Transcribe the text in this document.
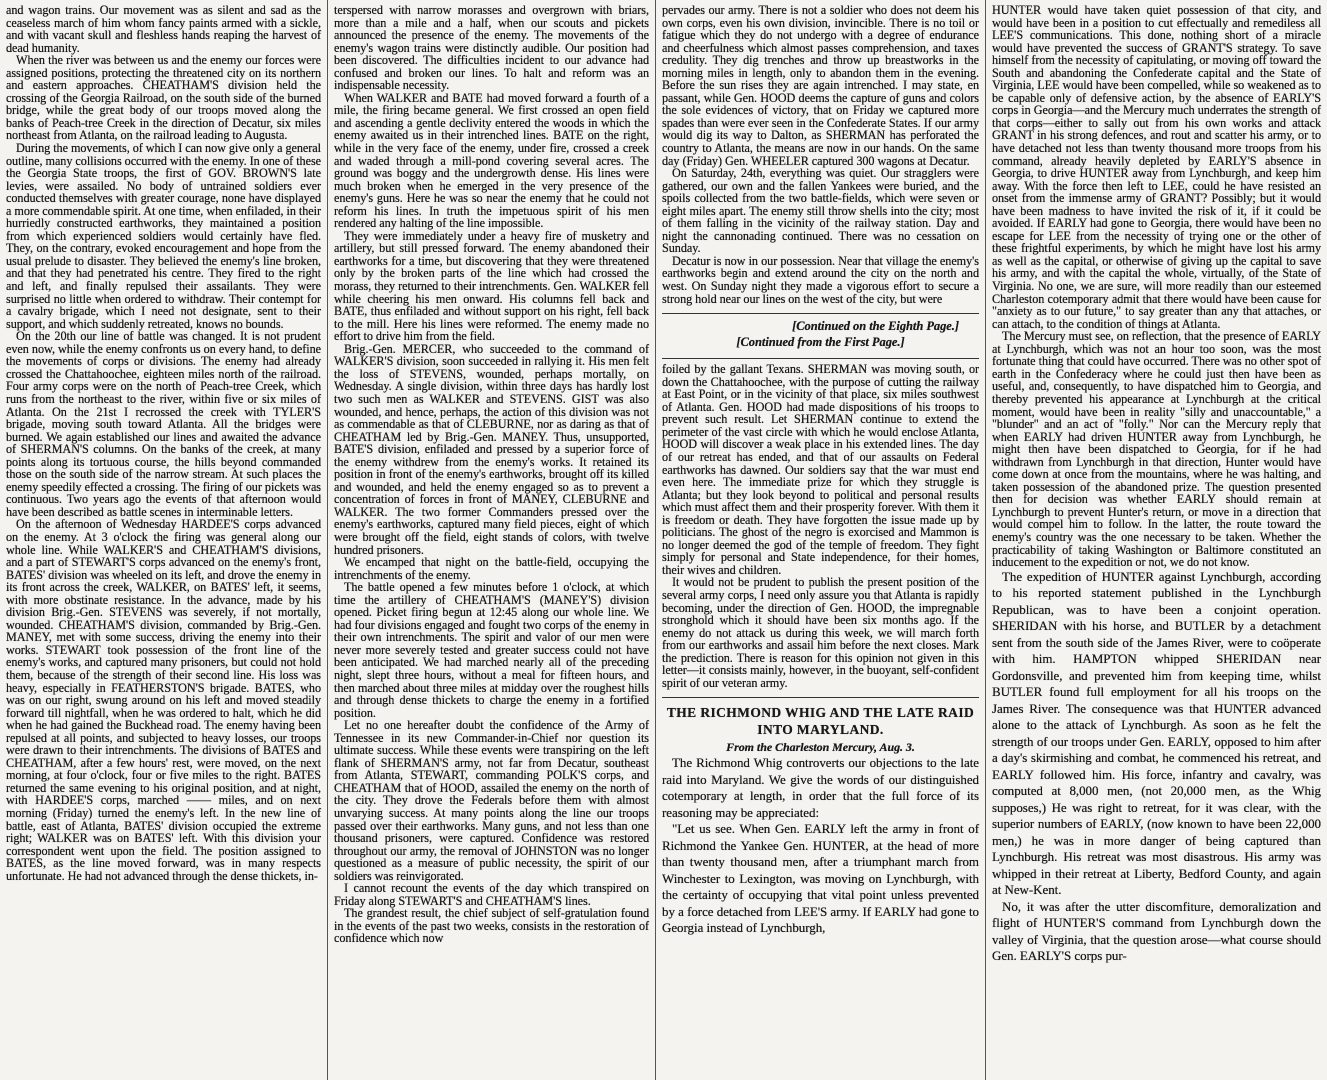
and wagon trains. Our movement was as silent and sad as the ceaseless march of him whom fancy paints armed with a sickle, and with vacant skull and fleshless hands reaping the harvest of dead humanity.

When the river was between us and the enemy our forces were assigned positions, protecting the threatened city on its northern and eastern approaches. CHEATHAM'S division held the crossing of the Georgia Railroad, on the south side of the burned bridge, while the great body of our troops moved along the banks of Peach-tree Creek in the direction of Decatur, six miles northeast from Atlanta, on the railroad leading to Augusta.

During the movements, of which I can now give only a general outline, many collisions occurred with the enemy. In one of these the Georgia State troops, the first of GOV. BROWN'S late levies, were assailed. No body of untrained soldiers ever conducted themselves with greater courage, none have displayed a more commendable spirit. At one time, when enfiladed, in their hurriedly constructed earthworks, they maintained a position from which experienced soldiers would certainly have fled. They, on the contrary, evoked encouragement and hope from the usual prelude to disaster. They believed the enemy's line broken, and that they had penetrated his centre. They fired to the right and left, and finally repulsed their assailants. They were surprised no little when ordered to withdraw. Their contempt for a cavalry brigade, which I need not designate, sent to their support, and which suddenly retreated, knows no bounds.

On the 20th our line of battle was changed. It is not prudent even now, while the enemy confronts us on every hand, to define the movements of corps or divisions. The enemy had already crossed the Chattahoochee, eighteen miles north of the railroad. Four army corps were on the north of Peach-tree Creek, which runs from the northeast to the river, within five or six miles of Atlanta. On the 21st I recrossed the creek with TYLER'S brigade, moving south toward Atlanta. All the bridges were burned. We again established our lines and awaited the advance of SHERMAN'S columns. On the banks of the creek, at many points along its tortuous course, the hills beyond commanded those on the south side of the narrow stream. At such places the enemy speedily effected a crossing. The firing of our pickets was continuous. Two years ago the events of that afternoon would have been described as battle scenes in interminable letters.

On the afternoon of Wednesday HARDEE'S corps advanced on the enemy. At 3 o'clock the firing was general along our whole line. While WALKER'S and CHEATHAM'S divisions, and a part of STEWART'S corps advanced on the enemy's front, BATES' division was wheeled on its left, and drove the enemy in its front across the creek, WALKER, on BATES' left, it seems, with more obstinate resistance. In the advance, made by his division Brig.-Gen. STEVENS was severely, if not mortally, wounded. CHEATHAM'S division, commanded by Brig.-Gen. MANEY, met with some success, driving the enemy into their works. STEWART took possession of the front line of the enemy's works, and captured many prisoners, but could not hold them, because of the strength of their second line. His loss was heavy, especially in FEATHERSTON'S brigade. BATES, who was on our right, swung around on his left and moved steadily forward till nightfall, when he was ordered to halt, which he did when he had gained the Buckhead road. The enemy having been repulsed at all points, and subjected to heavy losses, our troops were drawn to their intrenchments. The divisions of BATES and CHEATHAM, after a few hours' rest, were moved, on the next morning, at four o'clock, four or five miles to the right. BATES returned the same evening to his original position, and at night, with HARDEE'S corps, marched —— miles, and on next morning (Friday) turned the enemy's left. In the new line of battle, east of Atlanta, BATES' division occupied the extreme right; WALKER was on BATES' left. With this division your correspondent went upon the field. The position assigned to BATES, as the line moved forward, was in many respects unfortunate. He had not advanced through the dense thickets, in-

terspersed with narrow morasses and overgrown with briars, more than a mile and a half, when our scouts and pickets announced the presence of the enemy. The movements of the enemy's wagon trains were distinctly audible. Our position had been discovered. The difficulties incident to our advance had confused and broken our lines. To halt and reform was an indispensable necessity.

When WALKER and BATE had moved forward a fourth of a mile, the firing became general. We first crossed an open field and ascending a gentle declivity entered the woods in which the enemy awaited us in their intrenched lines. BATE on the right, while in the very face of the enemy, under fire, crossed a creek and waded through a mill-pond covering several acres. The ground was boggy and the undergrowth dense. His lines were much broken when he emerged in the very presence of the enemy's guns. Here he was so near the enemy that he could not reform his lines. In truth the impetuous spirit of his men rendered any halting of the line impossible.

They were immediately under a heavy fire of musketry and artillery, but still pressed forward. The enemy abandoned their earthworks for a time, but discovering that they were threatened only by the broken parts of the line which had crossed the morass, they returned to their intrenchments. Gen. WALKER fell while cheering his men onward. His columns fell back and BATE, thus enfiladed and without support on his right, fell back to the mill. Here his lines were reformed. The enemy made no effort to drive him from the field.

Brig.-Gen. MERCER, who succeeded to the command of WALKER'S division, soon succeeded in rallying it. His men felt the loss of STEVENS, wounded, perhaps mortally, on Wednesday. A single division, within three days has hardly lost two such men as WALKER and STEVENS. GIST was also wounded, and hence, perhaps, the action of this division was not as commendable as that of CLEBURNE, nor as daring as that of CHEATHAM led by Brig.-Gen. MANEY. Thus, unsupported, BATE'S division, enfiladed and pressed by a superior force of the enemy withdrew from the enemy's works. It retained its position in front of the enemy's earthworks, brought off its killed and wounded, and held the enemy engaged so as to prevent a concentration of forces in front of MANEY, CLEBURNE and WALKER. The two former Commanders pressed over the enemy's earthworks, captured many field pieces, eight of which were brought off the field, eight stands of colors, with twelve hundred prisoners.

We encamped that night on the battle-field, occupying the intrenchments of the enemy.

The battle opened a few minutes before 1 o'clock, at which time the artillery of CHEATHAM'S (MANEY'S) division opened. Picket firing begun at 12:45 along our whole line. We had four divisions engaged and fought two corps of the enemy in their own intrenchments. The spirit and valor of our men were never more severely tested and greater success could not have been anticipated. We had marched nearly all of the preceding night, slept three hours, without a meal for fifteen hours, and then marched about three miles at midday over the roughest hills and through dense thickets to charge the enemy in a fortified position.

Let no one hereafter doubt the confidence of the Army of Tennessee in its new Commander-in-Chief nor question its ultimate success. While these events were transpiring on the left flank of SHERMAN'S army, not far from Decatur, southeast from Atlanta, STEWART, commanding POLK'S corps, and CHEATHAM that of HOOD, assailed the enemy on the north of the city. They drove the Federals before them with almost unvarying success. At many points along the line our troops passed over their earthworks. Many guns, and not less than one thousand prisoners, were captured. Confidence was restored throughout our army, the removal of JOHNSTON was no longer questioned as a measure of public necessity, the spirit of our soldiers was reinvigorated.

I cannot recount the events of the day which transpired on Friday along STEWART'S and CHEATHAM'S lines.

The grandest result, the chief subject of self-gratulation found in the events of the past two weeks, consists in the restoration of confidence which now

pervades our army. There is not a soldier who does not deem his own corps, even his own division, invincible. There is no toil or fatigue which they do not undergo with a degree of endurance and cheerfulness which almost passes comprehension, and taxes credulity. They dig trenches and throw up breastworks in the morning miles in length, only to abandon them in the evening. Before the sun rises they are again intrenched. I may state, en passant, while Gen. HOOD deems the capture of guns and colors the sole evidences of victory, that on Friday we captured more spades than were ever seen in the Confederate States. If our army would dig its way to Dalton, as SHERMAN has perforated the country to Atlanta, the means are now in our hands. On the same day (Friday) Gen. WHEELER captured 300 wagons at Decatur.

On Saturday, 24th, everything was quiet. Our stragglers were gathered, our own and the fallen Yankees were buried, and the spoils collected from the two battle-fields, which were seven or eight miles apart. The enemy still throw shells into the city; most of them falling in the vicinity of the railway station. Day and night the cannonading continued. There was no cessation on Sunday.

Decatur is now in our possession. Near that village the enemy's earthworks begin and extend around the city on the north and west. On Sunday night they made a vigorous effort to secure a strong hold near our lines on the west of the city, but were

[Continued on the Eighth Page.]

[Continued from the First Page.]

foiled by the gallant Texans. SHERMAN was moving south, or down the Chattahoochee, with the purpose of cutting the railway at East Point, or in the vicinity of that place, six miles southwest of Atlanta. Gen. HOOD had made dispositions of his troops to prevent such result. Let SHERMAN continue to extend the perimeter of the vast circle with which he would enclose Atlanta, HOOD will discover a weak place in his extended lines. The day of our retreat has ended, and that of our assaults on Federal earthworks has dawned. Our soldiers say that the war must end even here. The immediate prize for which they struggle is Atlanta; but they look beyond to political and personal results which must affect them and their prosperity forever. With them it is freedom or death. They have forgotten the issue made up by politicians. The ghost of the negro is exorcised and Mammon is no longer deemed the god of the temple of freedom. They fight simply for personal and State independence, for their homes, their wives and children.

It would not be prudent to publish the present position of the several army corps, I need only assure you that Atlanta is rapidly becoming, under the direction of Gen. HOOD, the impregnable stronghold which it should have been six months ago. If the enemy do not attack us during this week, we will march forth from our earthworks and assail him before the next closes. Mark the prediction. There is reason for this opinion not given in this letter—it consists mainly, however, in the buoyant, self-confident spirit of our veteran army.

THE RICHMOND WHIG AND THE LATE RAID INTO MARYLAND.

From the Charleston Mercury, Aug. 3.

The Richmond Whig controverts our objections to the late raid into Maryland. We give the words of our distinguished cotemporary at length, in order that the full force of its reasoning may be appreciated:

"Let us see. When Gen. EARLY left the army in front of Richmond the Yankee Gen. HUNTER, at the head of more than twenty thousand men, after a triumphant march from Winchester to Lexington, was moving on Lynchburgh, with the certainty of occupying that vital point unless prevented by a force detached from LEE'S army. If EARLY had gone to Georgia instead of Lynchburgh,

HUNTER would have taken quiet possession of that city, and would have been in a position to cut effectually and remediless all LEE'S communications. This done, nothing short of a miracle would have prevented the success of GRANT'S strategy. To save himself from the necessity of capitulating, or moving off toward the South and abandoning the Confederate capital and the State of Virginia, LEE would have been compelled, while so weakened as to be capable only of defensive action, by the absence of EARLY'S corps in Georgia—and the Mercury much underrates the strength of that corps—either to sally out from his own works and attack GRANT in his strong defences, and rout and scatter his army, or to have detached not less than twenty thousand more troops from his command, already heavily depleted by EARLY'S absence in Georgia, to drive HUNTER away from Lynchburgh, and keep him away. With the force then left to LEE, could he have resisted an onset from the immense army of GRANT? Possibly; but it would have been madness to have invited the risk of it, if it could be avoided. If EARLY had gone to Georgia, there would have been no escape for LEE from the necessity of trying one or the other of these frightful experiments, by which he might have lost his army as well as the capital, or otherwise of giving up the capital to save his army, and with the capital the whole, virtually, of the State of Virginia. No one, we are sure, will more readily than our esteemed Charleston cotemporary admit that there would have been cause for "anxiety as to our future," to say greater than any that attaches, or can attach, to the condition of things at Atlanta.

The Mercury must see, on reflection, that the presence of EARLY at Lynchburgh, which was not an hour too soon, was the most fortunate thing that could have occurred. There was no other spot of earth in the Confederacy where he could just then have been as useful, and, consequently, to have dispatched him to Georgia, and thereby prevented his appearance at Lynchburgh at the critical moment, would have been in reality "silly and unaccountable," a "blunder" and an act of "folly." Nor can the Mercury reply that when EARLY had driven HUNTER away from Lynchburgh, he might then have been dispatched to Georgia, for if he had withdrawn from Lynchburgh in that direction, Hunter would have come down at once from the mountains, where he was halting, and taken possession of the abandoned prize. The question presented then for decision was whether EARLY should remain at Lynchburgh to prevent Hunter's return, or move in a direction that would compel him to follow. In the latter, the route toward the enemy's country was the one necessary to be taken. Whether the practicability of taking Washington or Baltimore constituted an inducement to the expedition or not, we do not know.

The expedition of HUNTER against Lynchburgh, according to his reported statement published in the Lynchburgh Republican, was to have been a conjoint operation. SHERIDAN with his horse, and BUTLER by a detachment sent from the south side of the James River, were to coöperate with him. HAMPTON whipped SHERIDAN near Gordonsville, and prevented him from keeping time, whilst BUTLER found full employment for all his troops on the James River. The consequence was that HUNTER advanced alone to the attack of Lynchburgh. As soon as he felt the strength of our troops under Gen. EARLY, opposed to him after a day's skirmishing and combat, he commenced his retreat, and EARLY followed him. His force, infantry and cavalry, was computed at 8,000 men, (not 20,000 men, as the Whig supposes,) He was right to retreat, for it was clear, with the superior numbers of EARLY, (now known to have been 22,000 men,) he was in more danger of being captured than Lynchburgh. His retreat was most disastrous. His army was whipped in their retreat at Liberty, Bedford County, and again at New-Kent.

No, it was after the utter discomfiture, demoralization and flight of HUNTER'S command from Lynchburgh down the valley of Virginia, that the question arose—what course should Gen. EARLY'S corps pur-
